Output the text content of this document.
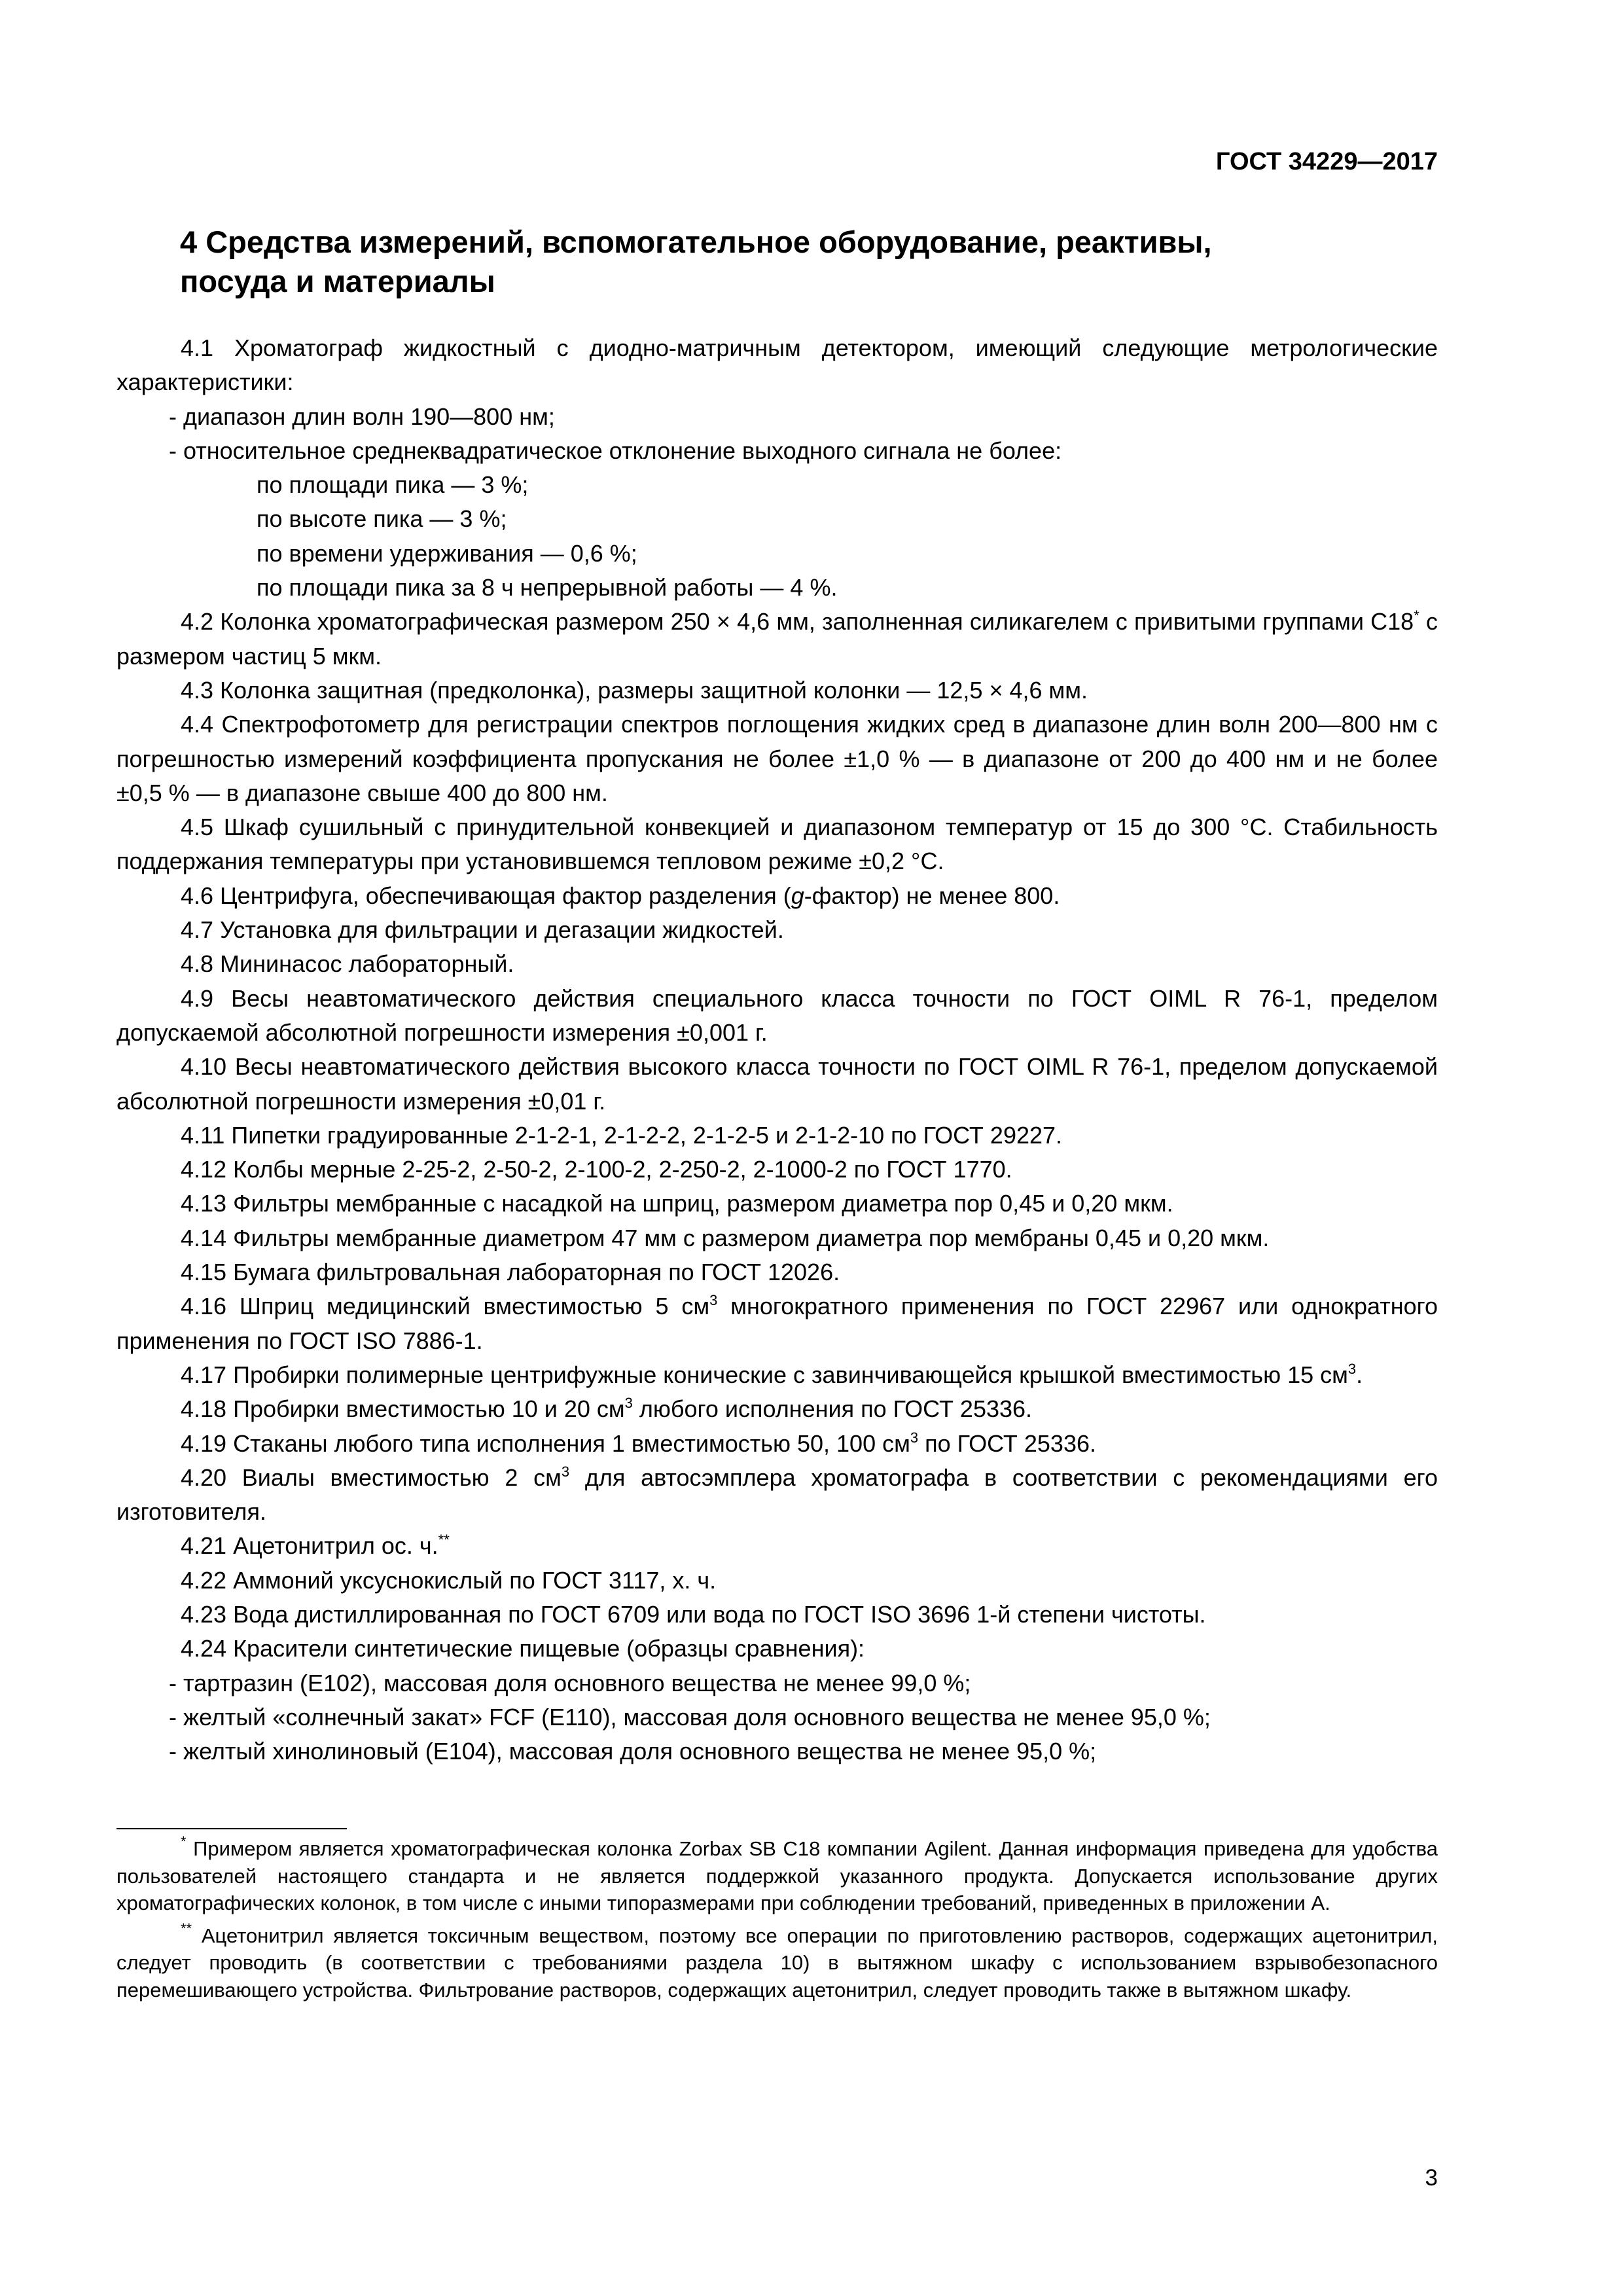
ГОСТ 34229—2017
4 Средства измерений, вспомогательное оборудование, реактивы,
посуда и материалы

4.1 Хроматограф жидкостный с диодно-матричным детектором, имеющий следующие метрологические характеристики:

- диапазон длин волн 190—800 нм;

- относительное среднеквадратическое отклонение выходного сигнала не более:

по площади пика — 3 %;

по высоте пика — 3 %;

по времени удерживания — 0,6 %;

по площади пика за 8 ч непрерывной работы — 4 %.

4.2 Колонка хроматографическая размером 250 × 4,6 мм, заполненная силикагелем с привитыми группами С18* с размером частиц 5 мкм.

4.3 Колонка защитная (предколонка), размеры защитной колонки — 12,5 × 4,6 мм.

4.4 Спектрофотометр для регистрации спектров поглощения жидких сред в диапазоне длин волн 200—800 нм с погрешностью измерений коэффициента пропускания не более ±1,0 % — в диапазоне от 200 до 400 нм и не более ±0,5 % — в диапазоне свыше 400 до 800 нм.

4.5 Шкаф сушильный с принудительной конвекцией и диапазоном температур от 15 до 300 °С. Стабильность поддержания температуры при установившемся тепловом режиме ±0,2 °С.

4.6 Центрифуга, обеспечивающая фактор разделения (g-фактор) не менее 800.

4.7 Установка для фильтрации и дегазации жидкостей.

4.8 Мининасос лабораторный.

4.9 Весы неавтоматического действия специального класса точности по ГОСТ OIML R 76-1, пределом допускаемой абсолютной погрешности измерения ±0,001 г.

4.10 Весы неавтоматического действия высокого класса точности по ГОСТ OIML R 76-1, пределом допускаемой абсолютной погрешности измерения ±0,01 г.

4.11 Пипетки градуированные 2-1-2-1, 2-1-2-2, 2-1-2-5 и 2-1-2-10 по ГОСТ 29227.

4.12 Колбы мерные 2-25-2, 2-50-2, 2-100-2, 2-250-2, 2-1000-2 по ГОСТ 1770.

4.13 Фильтры мембранные с насадкой на шприц, размером диаметра пор 0,45 и 0,20 мкм.

4.14 Фильтры мембранные диаметром 47 мм с размером диаметра пор мембраны 0,45 и 0,20 мкм.

4.15 Бумага фильтровальная лабораторная по ГОСТ 12026.

4.16 Шприц медицинский вместимостью 5 $см^3$ многократного применения по ГОСТ 22967 или однократного применения по ГОСТ ISO 7886-1.

4.17 Пробирки полимерные центрифужные конические с завинчивающейся крышкой вместимостью 15 $см^3$.

4.18 Пробирки вместимостью 10 и 20 $см^3$ любого исполнения по ГОСТ 25336.

4.19 Стаканы любого типа исполнения 1 вместимостью 50, 100 $см^3$ по ГОСТ 25336.

4.20 Виалы вместимостью 2 $см^3$ для автосэмплера хроматографа в соответствии с рекомендациями его изготовителя.

4.21 Ацетонитрил ос. ч.**

4.22 Аммоний уксуснокислый по ГОСТ 3117, х. ч.

4.23 Вода дистиллированная по ГОСТ 6709 или вода по ГОСТ ISO 3696 1-й степени чистоты.

4.24 Красители синтетические пищевые (образцы сравнения):

- тартразин (Е102), массовая доля основного вещества не менее 99,0 %;

- желтый «солнечный закат» FCF (Е110), массовая доля основного вещества не менее 95,0 %;

- желтый хинолиновый (Е104), массовая доля основного вещества не менее 95,0 %;

* Примером является хроматографическая колонка Zorbax SB C18 компании Agilent. Данная информация приведена для удобства пользователей настоящего стандарта и не является поддержкой указанного продукта. Допускается использование других хроматографических колонок, в том числе с иными типоразмерами при соблюдении требований, приведенных в приложении А.

** Ацетонитрил является токсичным веществом, поэтому все операции по приготовлению растворов, содержащих ацетонитрил, следует проводить (в соответствии с требованиями раздела 10) в вытяжном шкафу с использованием взрывобезопасного перемешивающего устройства. Фильтрование растворов, содержащих ацетонитрил, следует проводить также в вытяжном шкафу.

3
